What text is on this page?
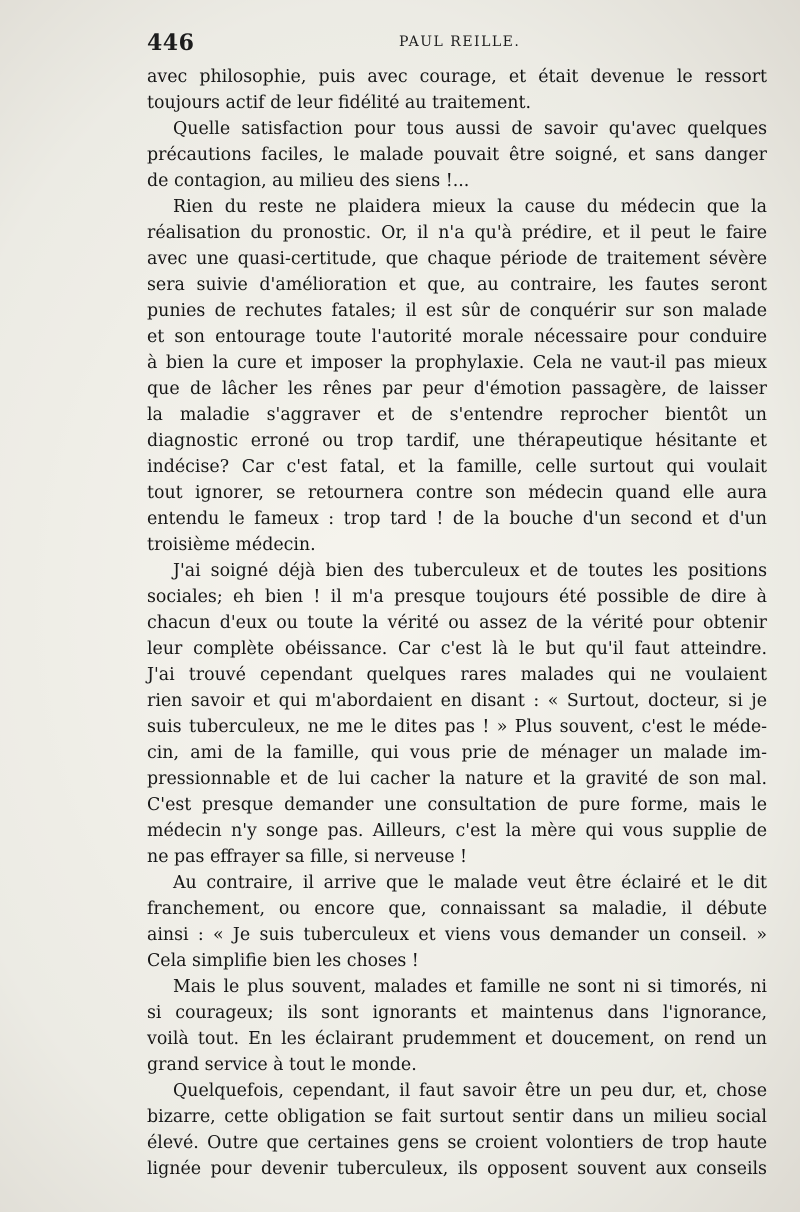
446	PAUL REILLE.
avec philosophie, puis avec courage, et était devenue le ressort
toujours actif de leur fidélité au traitement.
Quelle satisfaction pour tous aussi de savoir qu'avec quelques
précautions faciles, le malade pouvait être soigné, et sans danger
de contagion, au milieu des siens !...
Rien du reste ne plaidera mieux la cause du médecin que la
réalisation du pronostic. Or, il n'a qu'à prédire, et il peut le faire
avec une quasi-certitude, que chaque période de traitement sévère
sera suivie d'amélioration et que, au contraire, les fautes seront
punies de rechutes fatales; il est sûr de conquérir sur son malade
et son entourage toute l'autorité morale nécessaire pour conduire
à bien la cure et imposer la prophylaxie. Cela ne vaut-il pas mieux
que de lâcher les rênes par peur d'émotion passagère, de laisser
la maladie s'aggraver et de s'entendre reprocher bientôt un
diagnostic erroné ou trop tardif, une thérapeutique hésitante et
indécise? Car c'est fatal, et la famille, celle surtout qui voulait
tout ignorer, se retournera contre son médecin quand elle aura
entendu le fameux : trop tard ! de la bouche d'un second et d'un
troisième médecin.
J'ai soigné déjà bien des tuberculeux et de toutes les positions
sociales; eh bien ! il m'a presque toujours été possible de dire à
chacun d'eux ou toute la vérité ou assez de la vérité pour obtenir
leur complète obéissance. Car c'est là le but qu'il faut atteindre.
J'ai trouvé cependant quelques rares malades qui ne voulaient
rien savoir et qui m'abordaient en disant : « Surtout, docteur, si je
suis tuberculeux, ne me le dites pas ! » Plus souvent, c'est le méde-
cin, ami de la famille, qui vous prie de ménager un malade im-
pressionnable et de lui cacher la nature et la gravité de son mal.
C'est presque demander une consultation de pure forme, mais le
médecin n'y songe pas. Ailleurs, c'est la mère qui vous supplie de
ne pas effrayer sa fille, si nerveuse !
Au contraire, il arrive que le malade veut être éclairé et le dit
franchement, ou encore que, connaissant sa maladie, il débute
ainsi : « Je suis tuberculeux et viens vous demander un conseil. »
Cela simplifie bien les choses !
Mais le plus souvent, malades et famille ne sont ni si timorés, ni
si courageux; ils sont ignorants et maintenus dans l'ignorance,
voilà tout. En les éclairant prudemment et doucement, on rend un
grand service à tout le monde.
Quelquefois, cependant, il faut savoir être un peu dur, et, chose
bizarre, cette obligation se fait surtout sentir dans un milieu social
élevé. Outre que certaines gens se croient volontiers de trop haute
lignée pour devenir tuberculeux, ils opposent souvent aux conseils
